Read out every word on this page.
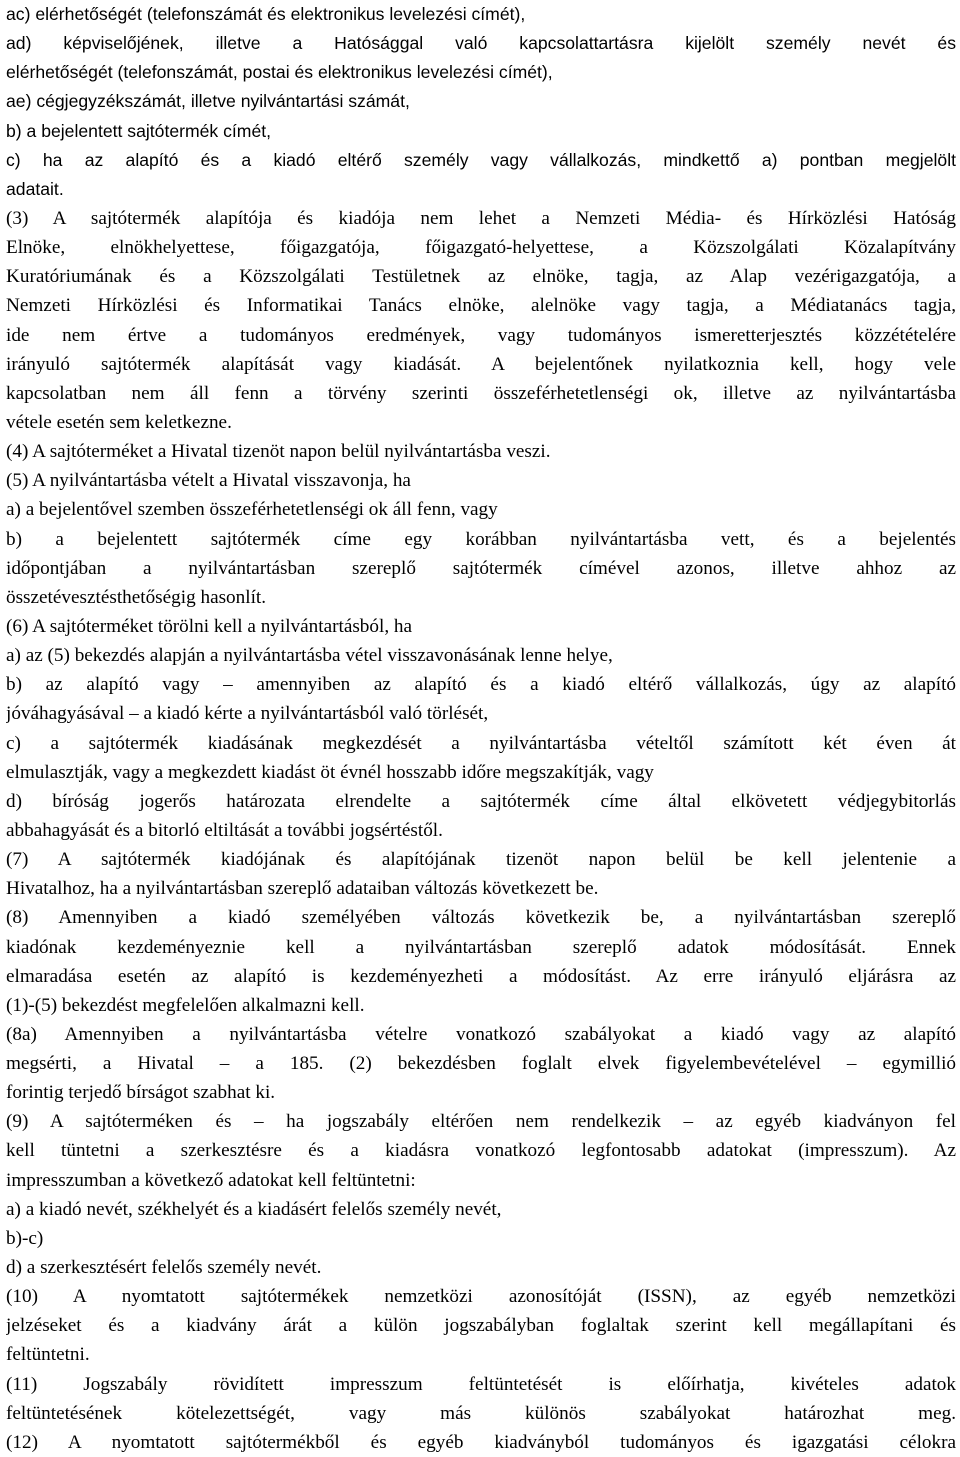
ac) elérhetőségét (telefonszámát és elektronikus levelezési címét),
ad) képviselőjének, illetve a Hatósággal való kapcsolattartásra kijelölt személy nevét és
elérhetőségét (telefonszámát, postai és elektronikus levelezési címét),
ae) cégjegyzékszámát, illetve nyilvántartási számát,
b) a bejelentett sajtótermék címét,
c) ha az alapító és a kiadó eltérő személy vagy vállalkozás, mindkettő a) pontban megjelölt
adatait.
(3) A sajtótermék alapítója és kiadója nem lehet a Nemzeti Média- és Hírközlési Hatóság
Elnöke, elnökhelyettese, főigazgatója, főigazgató-helyettese, a Közszolgálati Közalapítvány
Kuratóriumának és a Közszolgálati Testületnek az elnöke, tagja, az Alap vezérigazgatója, a
Nemzeti Hírközlési és Informatikai Tanács elnöke, alelnöke vagy tagja, a Médiatanács tagja,
ide nem értve a tudományos eredmények, vagy tudományos ismeretterjesztés közzétételére
irányuló sajtótermék alapítását vagy kiadását. A bejelentőnek nyilatkoznia kell, hogy vele
kapcsolatban nem áll fenn a törvény szerinti összeférhetetlenségi ok, illetve az nyilvántartásba
vétele esetén sem keletkezne.
(4) A sajtóterméket a Hivatal tizenöt napon belül nyilvántartásba veszi.
(5) A nyilvántartásba vételt a Hivatal visszavonja, ha
a) a bejelentővel szemben összeférhetetlenségi ok áll fenn, vagy
b) a bejelentett sajtótermék címe egy korábban nyilvántartásba vett, és a bejelentés
időpontjában a nyilvántartásban szereplő sajtótermék címével azonos, illetve ahhoz az
összetévesztésthetőségig hasonlít.
(6) A sajtóterméket törölni kell a nyilvántartásból, ha
a) az (5) bekezdés alapján a nyilvántartásba vétel visszavonásának lenne helye,
b) az alapító vagy – amennyiben az alapító és a kiadó eltérő vállalkozás, úgy az alapító
jóváhagyásával – a kiadó kérte a nyilvántartásból való törlését,
c) a sajtótermék kiadásának megkezdését a nyilvántartásba vételtől számított két éven át
elmulasztják, vagy a megkezdett kiadást öt évnél hosszabb időre megszakítják, vagy
d) bíróság jogerős határozata elrendelte a sajtótermék címe által elkövetett védjegybitorlás
abbahagyását és a bitorló eltiltását a további jogsértéstől.
(7) A sajtótermék kiadójának és alapítójának tizenöt napon belül be kell jelentenie a
Hivatalhoz, ha a nyilvántartásban szereplő adataiban változás következett be.
(8) Amennyiben a kiadó személyében változás következik be, a nyilvántartásban szereplő
kiadónak kezdeményeznie kell a nyilvántartásban szereplő adatok módosítását. Ennek
elmaradása esetén az alapító is kezdeményezheti a módosítást. Az erre irányuló eljárásra az
(1)-(5) bekezdést megfelelően alkalmazni kell.
(8a) Amennyiben a nyilvántartásba vételre vonatkozó szabályokat a kiadó vagy az alapító
megsérti, a Hivatal – a 185. (2) bekezdésben foglalt elvek figyelembevételével – egymillió
forintig terjedő bírságot szabhat ki.
(9) A sajtóterméken és – ha jogszabály eltérően nem rendelkezik – az egyéb kiadványon fel
kell tüntetni a szerkesztésre és a kiadásra vonatkozó legfontosabb adatokat (impresszum). Az
impresszumban a következő adatokat kell feltüntetni:
a) a kiadó nevét, székhelyét és a kiadásért felelős személy nevét,
b)-c)
d) a szerkesztésért felelős személy nevét.
(10) A nyomtatott sajtótermékek nemzetközi azonosítóját (ISSN), az egyéb nemzetközi
jelzéseket és a kiadvány árát a külön jogszabályban foglaltak szerint kell megállapítani és
feltüntetni.
(11) Jogszabály rövidített impresszum feltüntetését is előírhatja, kivételes adatok
feltüntetésének kötelezettségét, vagy más különös szabályokat határozhat meg.
(12) A nyomtatott sajtótermékből és egyéb kiadványból tudományos és igazgatási célokra
